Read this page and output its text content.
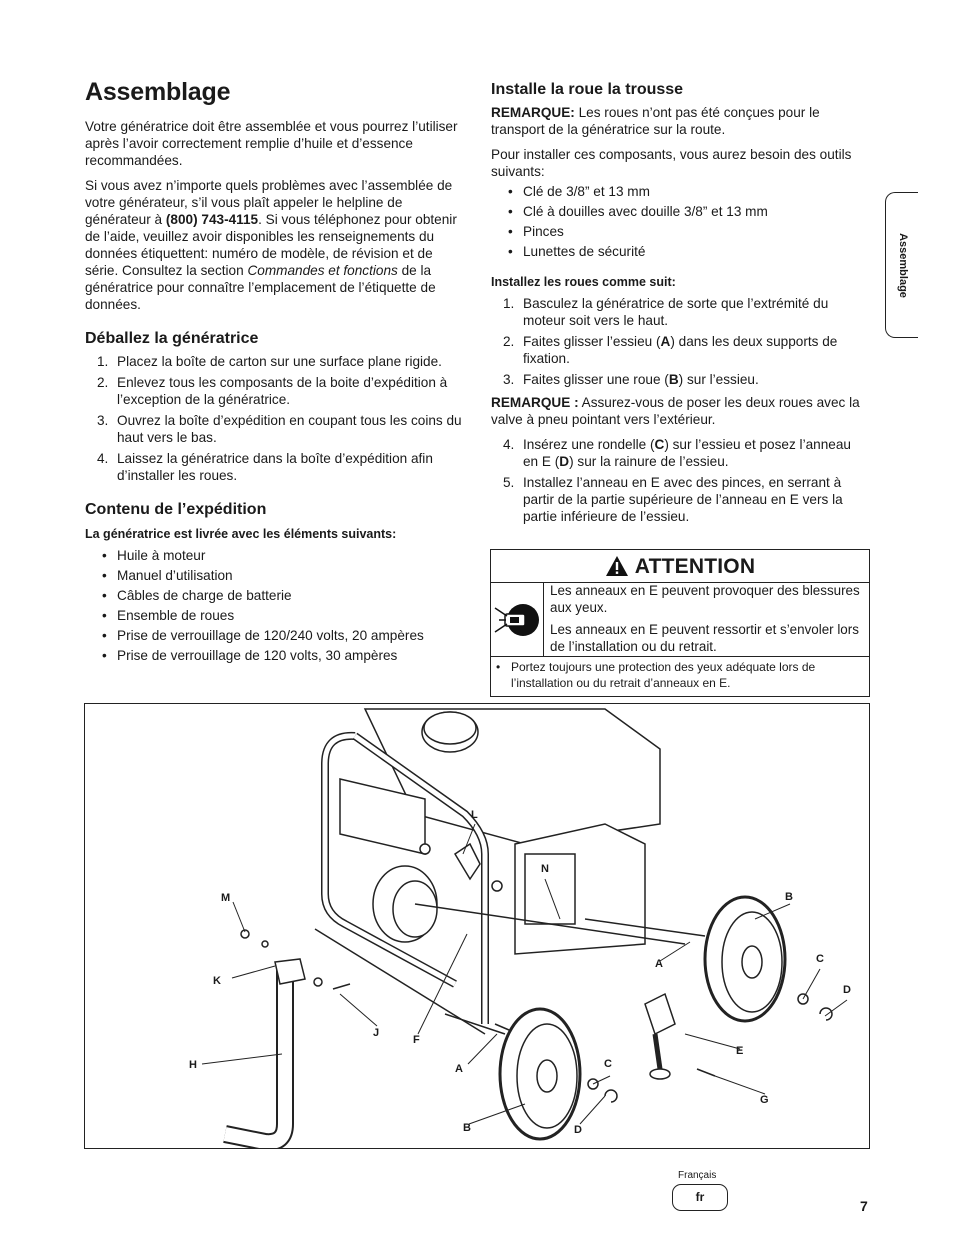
Assemblage

Votre génératrice doit être assemblée et vous pourrez l’utiliser après l’avoir correctement remplie d’huile et d’essence recommandées.

Si vous avez n’importe quels problèmes avec l’assemblée de votre générateur, s’il vous plaît appeler le helpline de générateur à (800) 743-4115. Si vous téléphonez pour obtenir de l’aide, veuillez avoir disponibles les renseignements du données étiquettent: numéro de modèle, de révision et de série. Consultez la section Commandes et fonctions de la génératrice pour connaître l’emplacement de l’étiquette de données.

Déballez la génératrice
1. Placez la boîte de carton sur une surface plane rigide.
2. Enlevez tous les composants de la boite d’expédition à l’exception de la génératrice.
3. Ouvrez la boîte d’expédition en coupant tous les coins du haut vers le bas.
4. Laissez la génératrice dans la boîte d’expédition afin d’installer les roues.
Contenu de l’expédition
La génératrice est livrée avec les éléments suivants:
• Huile à moteur
• Manuel d’utilisation
• Câbles de charge de batterie
• Ensemble de roues
• Prise de verrouillage de 120/240 volts, 20 ampères
• Prise de verrouillage de 120 volts, 30 ampères
Installe la roue la trousse

REMARQUE: Les roues n’ont pas été conçues pour le transport de la génératrice sur la route.

Pour installer ces composants, vous aurez besoin des outils suivants:

• Clé de 3/8” et 13 mm
• Clé à douilles avec douille 3/8” et 13 mm
• Pinces
• Lunettes de sécurité
Installez les roues comme suit:
1. Basculez la génératrice de sorte que l’extrémité du moteur soit vers le haut.
2. Faites glisser l’essieu (A) dans les deux supports de fixation.
3. Faites glisser une roue (B) sur l’essieu.

REMARQUE : Assurez-vous de poser les deux roues avec la valve à pneu pointant vers l’extérieur.

4. Insérez une rondelle (C) sur l’essieu et posez l’anneau en E (D) sur la rainure de l’essieu.
5. Installez l’anneau en E avec des pinces, en serrant à partir de la partie supérieure de l’anneau en E vers la partie inférieure de l’essieu.
ATTENTION

Les anneaux en E peuvent provoquer des blessures aux yeux.

Les anneaux en E peuvent ressortir et s’envoler lors de l’installation ou du retrait.

• Portez toujours une protection des yeux adéquate lors de l’installation ou du retrait d’anneaux en E.
Assemblage
L
N
M
K
H
J
F
A
A
B
B
C
C
D
D
E
G
Français
fr
7
